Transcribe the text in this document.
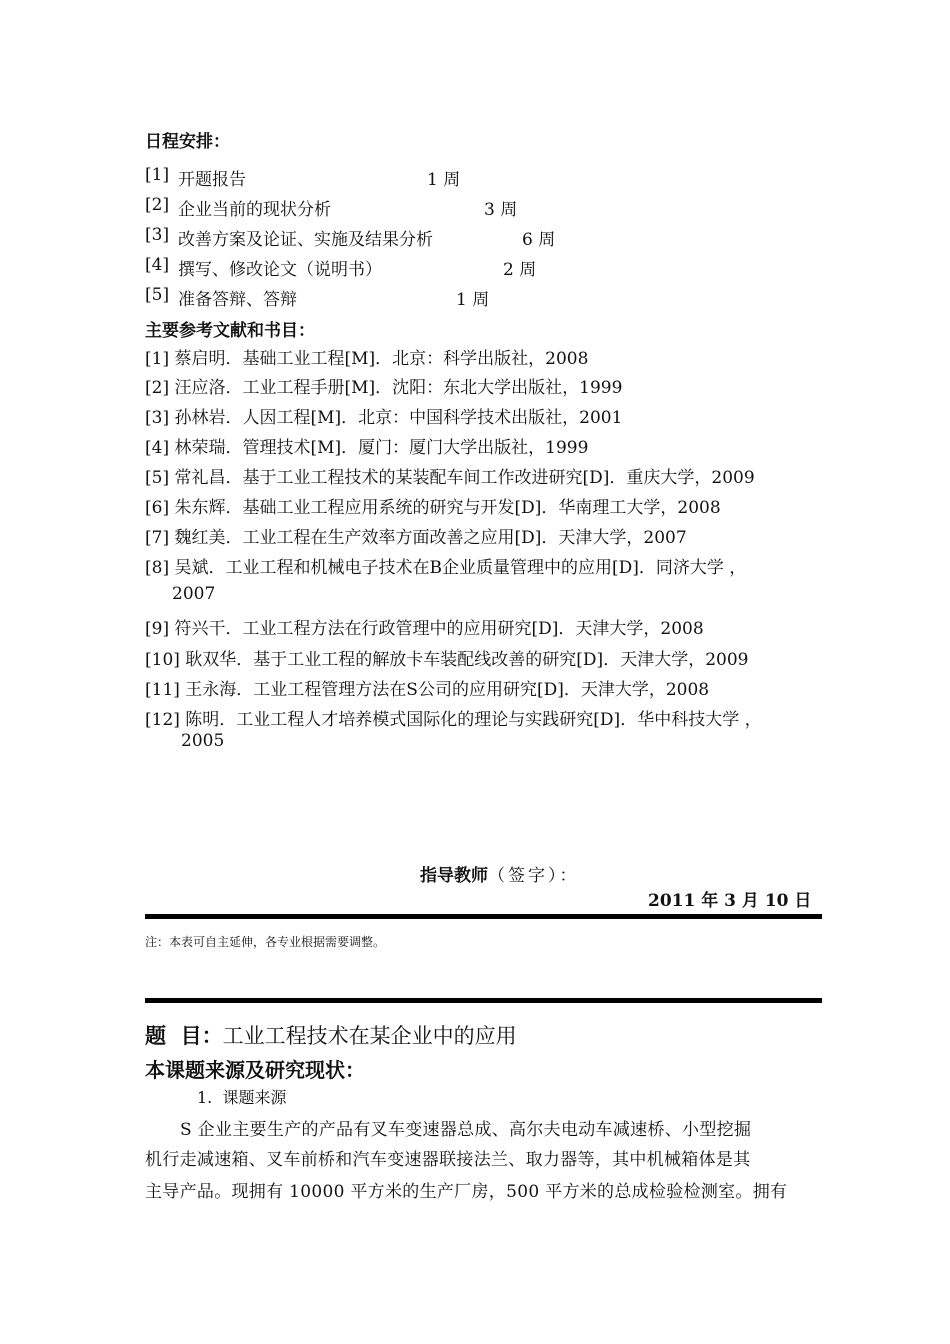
日程安排：
[1] 开题报告	1 周
[2] 企业当前的现状分析	3 周
[3] 改善方案及论证、实施及结果分析	6 周
[4] 撰写、修改论文（说明书）	2 周
[5] 准备答辩、答辩	1 周
主要参考文献和书目：
[1] 蔡启明．基础工业工程[M]．北京：科学出版社，2008
[2] 汪应洛．工业工程手册[M]．沈阳：东北大学出版社，1999
[3] 孙林岩．人因工程[M]．北京：中国科学技术出版社，2001
[4] 林荣瑞．管理技术[M]．厦门：厦门大学出版社，1999
[5] 常礼昌．基于工业工程技术的某装配车间工作改进研究[D]．重庆大学，2009
[6] 朱东辉．基础工业工程应用系统的研究与开发[D]．华南理工大学，2008
[7] 魏红美．工业工程在生产效率方面改善之应用[D]．天津大学，2007
[8] 吴斌．工业工程和机械电子技术在B企业质量管理中的应用[D]．同济大学 ，
2007
[9] 符兴干．工业工程方法在行政管理中的应用研究[D]．天津大学，2008
[10] 耿双华．基于工业工程的解放卡车装配线改善的研究[D]．天津大学，2009
[11] 王永海．工业工程管理方法在S公司的应用研究[D]．天津大学，2008
[12] 陈明．工业工程人才培养模式国际化的理论与实践研究[D]．华中科技大学 ，
2005
指导教师（签字）：
2011 年 3 月 10 日
注：本表可自主延伸，各专业根据需要调整。
题  目：工业工程技术在某企业中的应用
本课题来源及研究现状：
1.  课题来源
S 企业主要生产的产品有叉车变速器总成、高尔夫电动车减速桥、小型挖掘
机行走减速箱、叉车前桥和汽车变速器联接法兰、取力器等，其中机械箱体是其
主导产品。现拥有 10000 平方米的生产厂房，500 平方米的总成检验检测室。拥有
